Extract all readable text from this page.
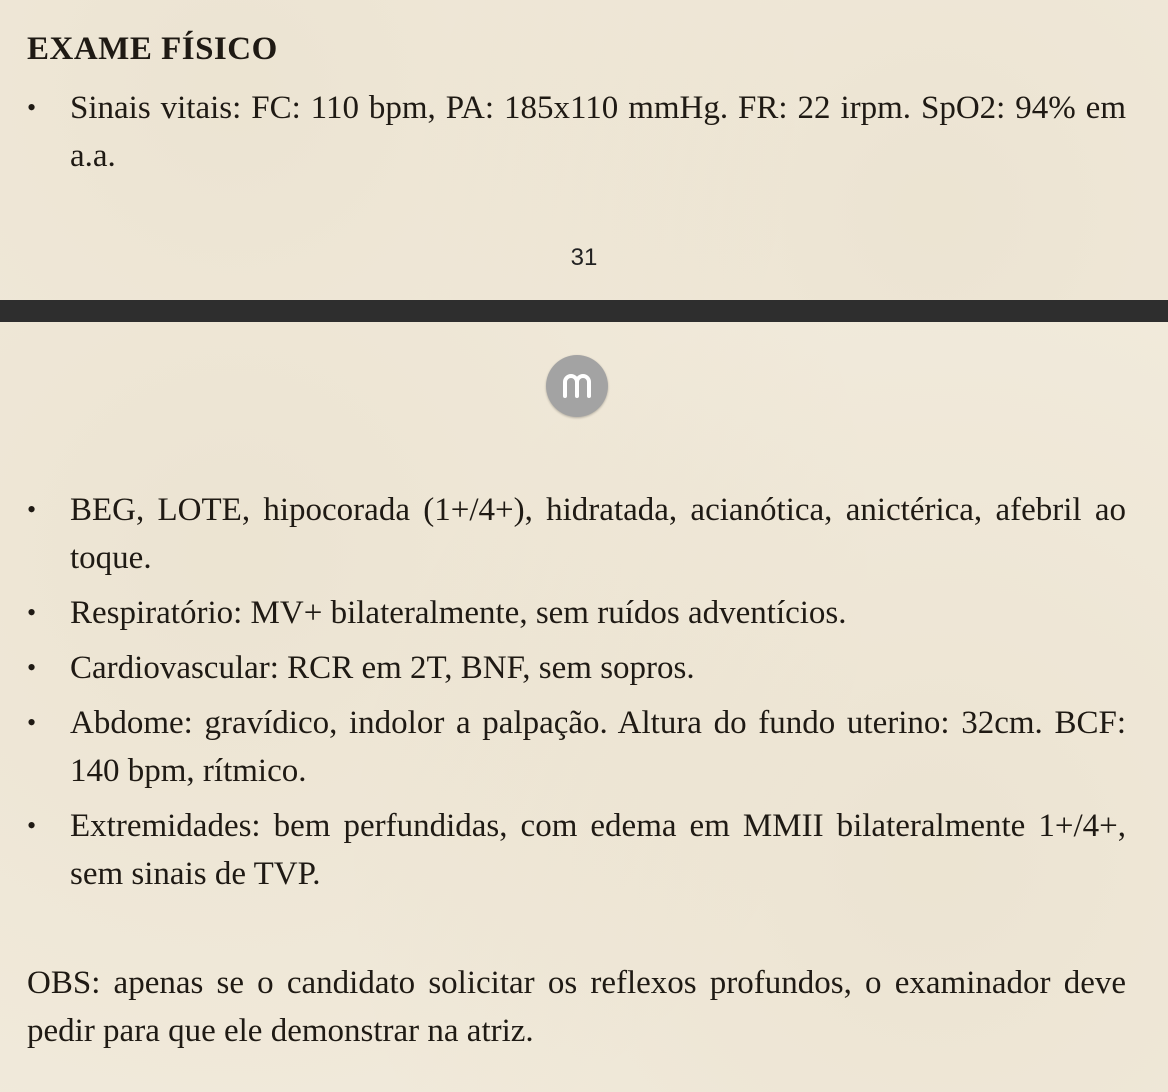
EXAME FÍSICO
•	Sinais vitais: FC: 110 bpm, PA: 185x110 mmHg. FR: 22 irpm. SpO2: 94% em a.a.
31
•	BEG, LOTE, hipocorada (1+/4+), hidratada, acianótica, anictérica, afebril ao toque.
•	Respiratório: MV+ bilateralmente, sem ruídos adventícios.
•	Cardiovascular: RCR em 2T, BNF, sem sopros.
•	Abdome: gravídico, indolor a palpação. Altura do fundo uterino: 32cm. BCF: 140 bpm, rítmico.
•	Extremidades: bem perfundidas, com edema em MMII bilateralmente 1+/4+, sem sinais de TVP.

OBS: apenas se o candidato solicitar os reflexos profundos, o examinador deve pedir para que ele demonstrar na atriz.
